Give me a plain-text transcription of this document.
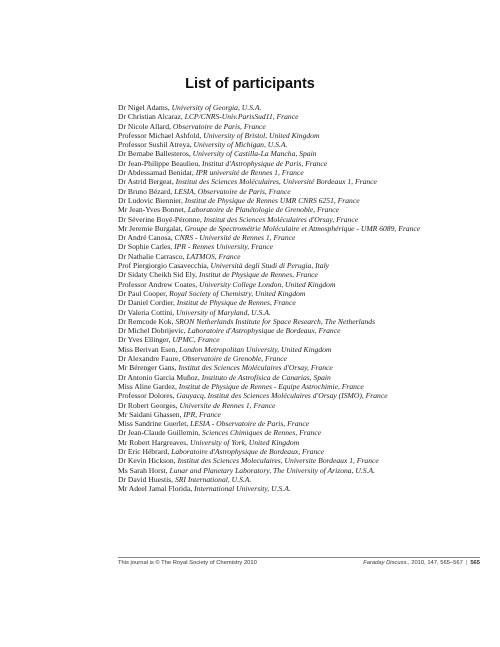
List of participants
Dr Nigel Adams, University of Georgia, U.S.A.
Dr Christian Alcaraz, LCP/CNRS-Univ.ParisSud11, France
Dr Nicole Allard, Observatoire de Paris, France
Professor Michael Ashfold, University of Bristol, United Kingdom
Professor Sushil Atreya, University of Michigan, U.S.A.
Dr Bernabe Ballesteros, University of Castilla-La Mancha, Spain
Dr Jean-Philippe Beaulieu, Institut d'Astrophysique de Paris, France
Dr Abdessamad Benidar, IPR université de Rennes 1, France
Dr Astrid Bergeat, Institut des Sciences Moléculaires, Université Bordeaux 1, France
Dr Bruno Bézard, LESIA, Observatoire de Paris, France
Dr Ludovic Biennier, Institut de Physique de Rennes UMR CNRS 6251, France
Mr Jean-Yves Bonnet, Laboratoire de Planétologie de Grenoble, France
Dr Séverine Boyé-Péronne, Institut des Sciences Moléculaires d'Orsay, France
Mr Jeremie Burgalat, Groupe de Spectrométrie Moléculaire et Atmosphérique - UMR 6089, France
Dr André Canosa, CNRS - Université de Rennes 1, France
Dr Sophie Carles, IPR - Rennes University, France
Dr Nathalie Carrasco, LATMOS, France
Prof Piergiorgio Casavecchia, Università degli Studi di Perugia, Italy
Dr Sidaty Cheikh Sid Ely, Institut de Physique de Rennes, France
Professor Andrew Coates, University College London, United Kingdom
Dr Paul Cooper, Royal Society of Chemistry, United Kingdom
Dr Daniel Cordier, Institut de Physique de Rennes, France
Dr Valeria Cottini, University of Maryland, U.S.A.
Dr Remcode Kok, SRON Netherlands Institute for Space Research, The Netherlands
Dr Michel Dobrijevic, Laboratoire d'Astrophysique de Bordeaux, France
Dr Yves Ellinger, UPMC, France
Miss Berivan Esen, London Metropolitan University, United Kingdom
Dr Alexandre Faure, Observatoire de Grenoble, France
Mr Bérenger Gans, Institut des Sciences Moléculaires d'Orsay, France
Dr Antonio Garcia Muñoz, Instituto de Astrofísica de Canarias, Spain
Miss Aline Gardez, Institut de Physique de Rennes - Equipe Astrochimie, France
Professor Dolores, Gauyacq, Institut des Sciences Moléculaires d'Orsay (ISMO), France
Dr Robert Georges, Universite de Rennes 1, France
Mr Saidani Ghassen, IPR, France
Miss Sandrine Guerlet, LESIA - Observatoire de Paris, France
Dr Jean-Claude Guillemin, Sciences Chimiques de Rennes, France
Mr Robert Hargreaves, University of York, United Kingdom
Dr Eric Hébrard, Laboratoire d'Astrophysique de Bordeaux, France
Dr Kevin Hickson, Institut des Sciences Moleculaires, Universite Bordeaux 1, France
Ms Sarah Horst, Lunar and Planetary Laboratory, The University of Arizona, U.S.A.
Dr David Huestis, SRI International, U.S.A.
Mr Adeel Jamal Florida, International University, U.S.A.
This journal is © The Royal Society of Chemistry 2010	Faraday Discuss., 2010, 147, 565–567 | 565
